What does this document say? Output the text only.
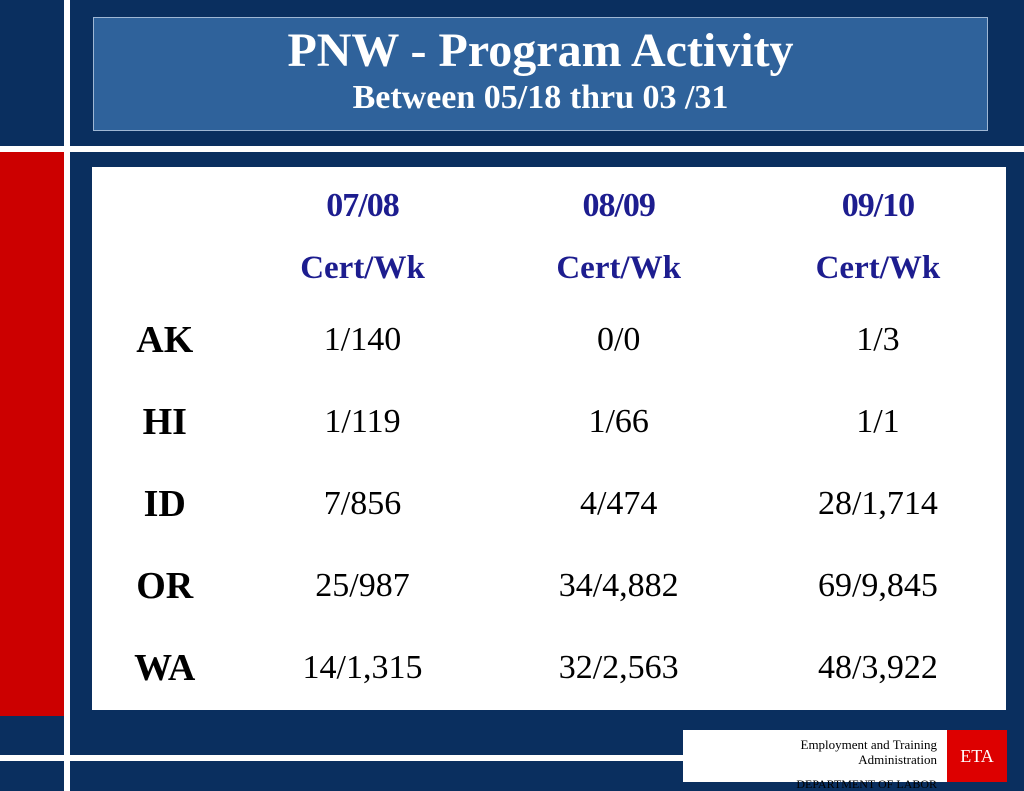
PNW - Program Activity
Between 05/18 thru 03 /31
	07/08	08/09	09/10
	Cert/Wk	Cert/Wk	Cert/Wk
AK	1/140	0/0	1/3
HI	1/119	1/66	1/1
ID	7/856	4/474	28/1,714
OR	25/987	34/4,882	69/9,845
WA	14/1,315	32/2,563	48/3,922
Employment and Training
Administration
DEPARTMENT OF LABOR
ETA
